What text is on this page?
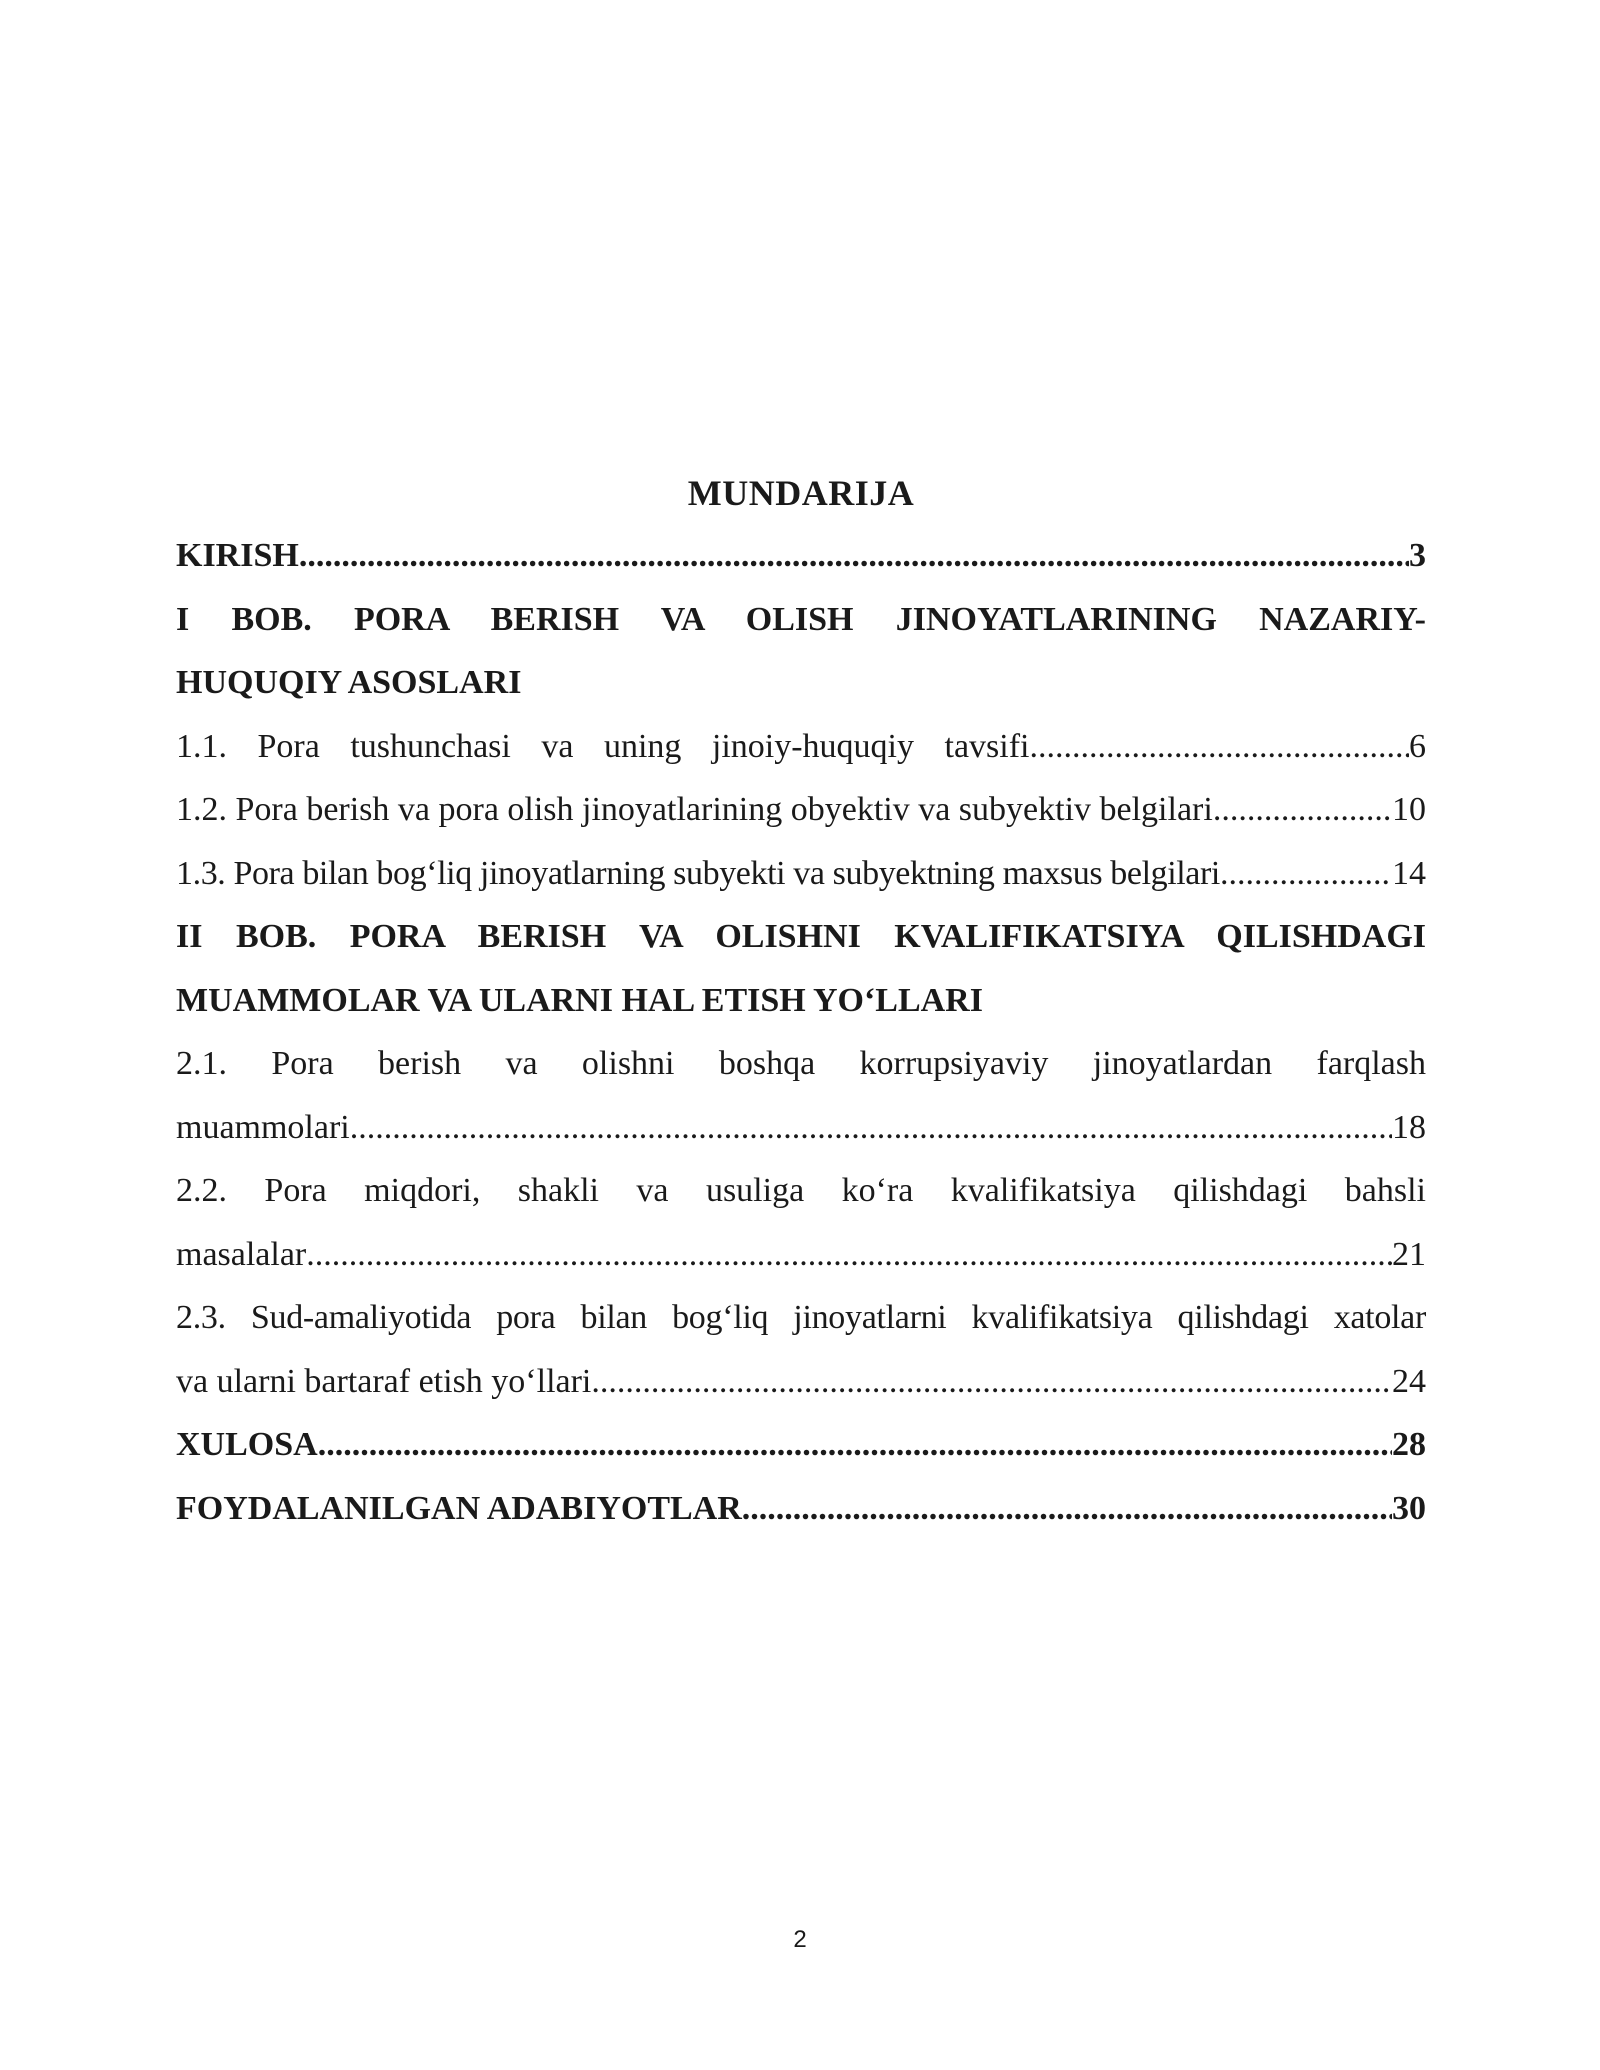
MUNDARIJA
KIRISH .....	3
I BOB. PORA BERISH VA OLISH JINOYATLARINING NAZARIY-
HUQUQIY ASOSLARI
1.1. Pora tushunchasi va uning jinoiy-huquqiy tavsifi .....	6
1.2. Pora berish va pora olish jinoyatlarining obyektiv va subyektiv belgilari .....	10
1.3. Pora bilan bog‘liq jinoyatlarning subyekti va subyektning maxsus belgilari .....	14
II BOB. PORA BERISH VA OLISHNI KVALIFIKATSIYA QILISHDAGI
MUAMMOLAR VA ULARNI HAL ETISH YO‘LLARI
2.1. Pora berish va olishni boshqa korrupsiyaviy jinoyatlardan farqlash
muammolari .....	18
2.2. Pora miqdori, shakli va usuliga ko‘ra kvalifikatsiya qilishdagi bahsli
masalalar .....	21
2.3. Sud-amaliyotida pora bilan bog‘liq jinoyatlarni kvalifikatsiya qilishdagi xatolar
va ularni bartaraf etish yo‘llari .....	24
XULOSA .....	28
FOYDALANILGAN ADABIYOTLAR .....	30
2
